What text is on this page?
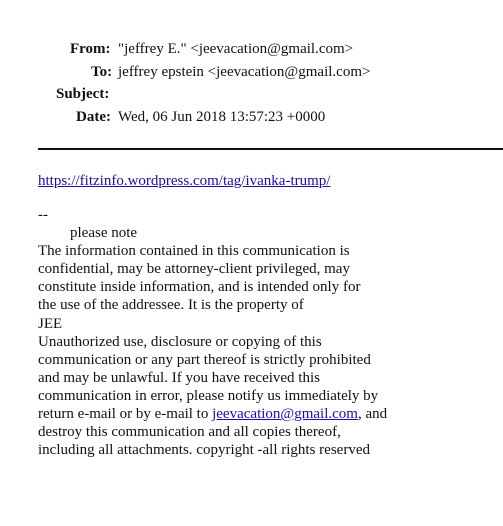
From: "jeffrey E." <jeevacation@gmail.com>
To: jeffrey epstein <jeevacation@gmail.com>
Subject:
Date: Wed, 06 Jun 2018 13:57:23 +0000
https://fitzinfo.wordpress.com/tag/ivanka-trump/
--
please note
The information contained in this communication is
confidential, may be attorney-client privileged, may
constitute inside information, and is intended only for
the use of the addressee. It is the property of
JEE
Unauthorized use, disclosure or copying of this
communication or any part thereof is strictly prohibited
and may be unlawful. If you have received this
communication in error, please notify us immediately by
return e-mail or by e-mail to jeevacation@gmail.com, and
destroy this communication and all copies thereof,
including all attachments. copyright -all rights reserved
